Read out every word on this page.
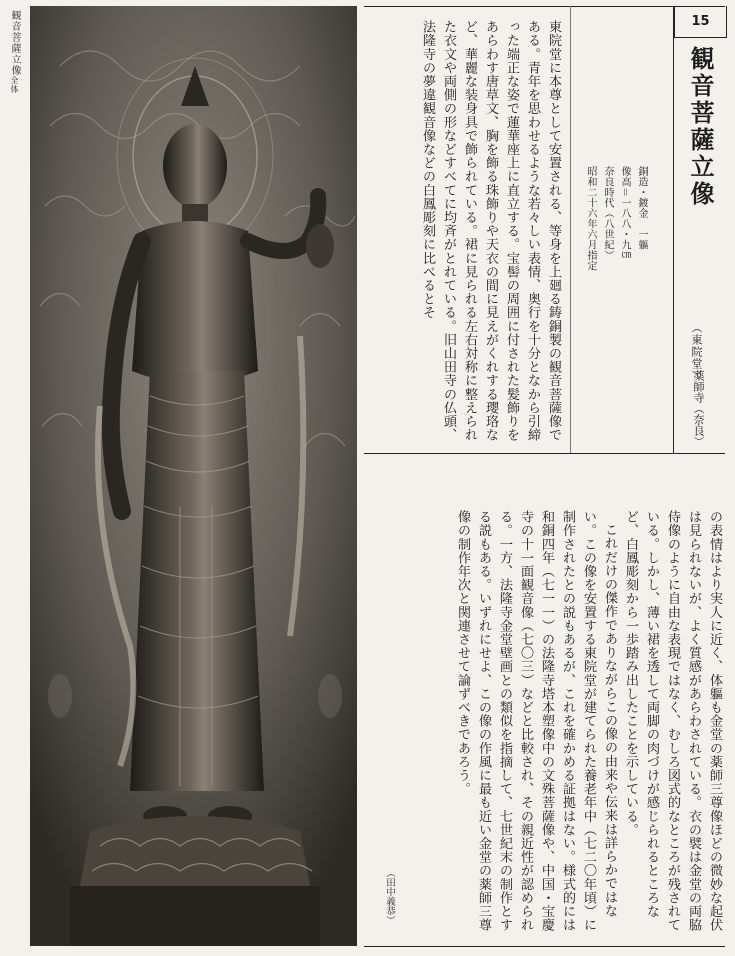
観音菩薩立像全体
15
観音菩薩立像
（東院堂）
薬師寺（奈良）
銅造・鍍金　一軀
像高＝一八八・九㎝
奈良時代（八世紀）
昭和二十六年六月指定
東院堂に本尊として安置される、等身を上廻る鋳銅製の観音菩薩像である。青年を思わせるような若々しい表情、奥行を十分となから引締った端正な姿で蓮華座上に直立する。宝髻の周囲に付された髪飾りをあらわす唐草文、胸を飾る珠飾りや天衣の間に見えがくれする瓔珞など、華麗な装身具で飾られている。裙に見られる左右対称に整えられた衣文や両側の形などすべてに均斉がとれている。旧山田寺の仏頭、法隆寺の夢違観音像などの白鳳彫刻に比べるとそ

の表情はより実人に近く、体軀も金堂の薬師三尊像ほどの微妙な起伏は見られないが、よく質感があらわされている。衣の襞は金堂の両脇侍像のように自由な表現ではなく、むしろ図式的なところが残されている。しかし、薄い裙を透して両脚の肉づけが感じられるところなど、白鳳彫刻から一歩踏み出したことを示している。

これだけの傑作でありながらこの像の由来や伝来は詳らかではない。この像を安置する東院堂が建てられた養老年中（七二〇年頃）に制作されたとの説もあるが、これを確かめる証拠はない。様式的には和銅四年（七一一）の法隆寺塔本塑像中の文殊菩薩像や、中国・宝慶寺の十一面観音像（七〇三）などと比較され、その親近性が認められる。一方、法隆寺金堂壁画との類似を指摘して、七世紀末の制作とする説もある。いずれにせよ、この像の作風に最も近い金堂の薬師三尊像の制作年次と関連させて論ずべきであろう。

（田中義恭）
